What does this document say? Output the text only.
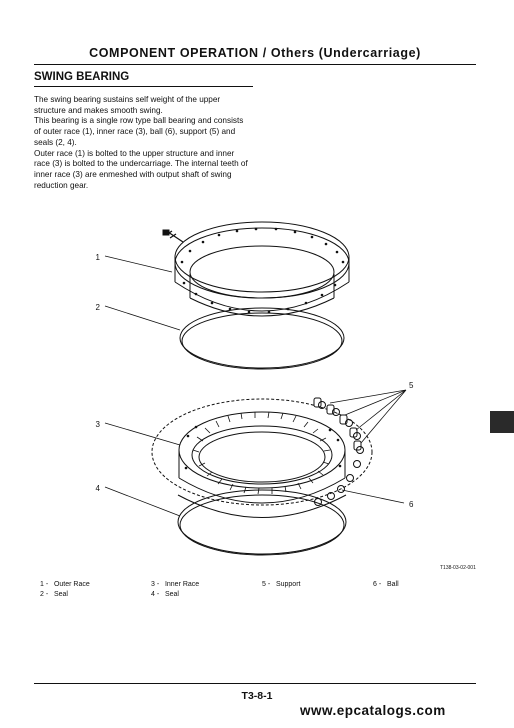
COMPONENT OPERATION / Others (Undercarriage)
SWING BEARING

The swing bearing sustains self weight of the upper structure and makes smooth swing.

This bearing is a single row type ball bearing and consists of outer race (1), inner race (3), ball (6), support (5) and seals (2, 4).

Outer race (1) is bolted to the upper structure and inner race (3) is bolted to the undercarriage. The internal teeth of inner race (3) are enmeshed with output shaft of swing reduction gear.

1
2
3
4
5
6
T138-03-02-001
1 - Outer Race
2 - Seal
3 - Inner Race
4 - Seal
5 - Support	6 - Ball
T3-8-1
www.epcatalogs.com
